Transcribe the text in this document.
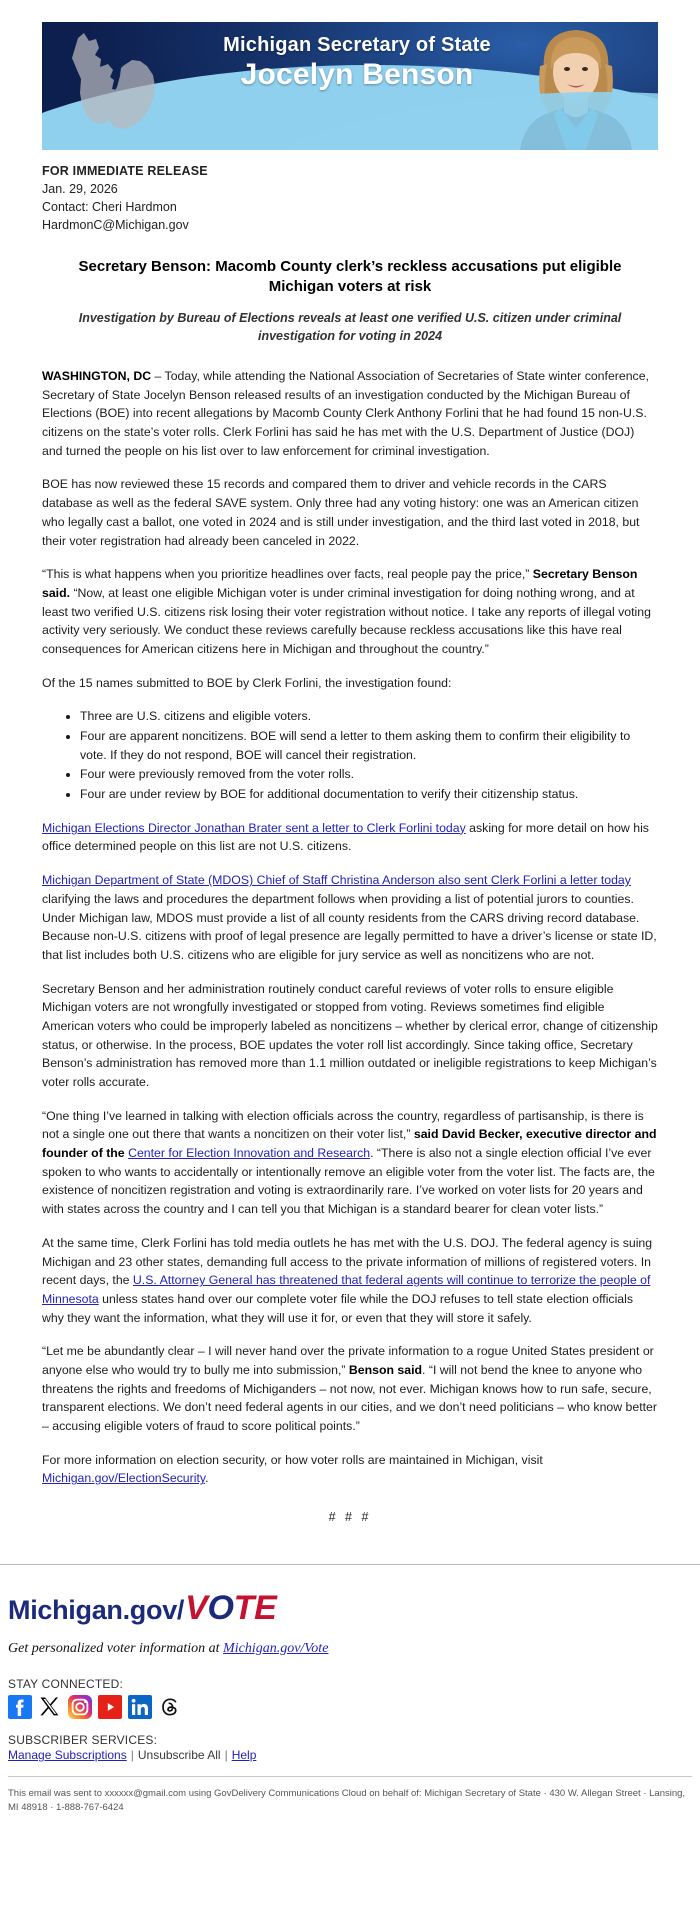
Michigan Secretary of State
Jocelyn Benson
FOR IMMEDIATE RELEASE
Jan. 29, 2026
Contact: Cheri Hardmon
HardmonC@Michigan.gov
Secretary Benson: Macomb County clerk’s reckless accusations put eligible Michigan voters at risk
Investigation by Bureau of Elections reveals at least one verified U.S. citizen under criminal investigation for voting in 2024

WASHINGTON, DC – Today, while attending the National Association of Secretaries of State winter conference, Secretary of State Jocelyn Benson released results of an investigation conducted by the Michigan Bureau of Elections (BOE) into recent allegations by Macomb County Clerk Anthony Forlini that he had found 15 non-U.S. citizens on the state’s voter rolls. Clerk Forlini has said he has met with the U.S. Department of Justice (DOJ) and turned the people on his list over to law enforcement for criminal investigation.

BOE has now reviewed these 15 records and compared them to driver and vehicle records in the CARS database as well as the federal SAVE system. Only three had any voting history: one was an American citizen who legally cast a ballot, one voted in 2024 and is still under investigation, and the third last voted in 2018, but their voter registration had already been canceled in 2022.

“This is what happens when you prioritize headlines over facts, real people pay the price,” Secretary Benson said. “Now, at least one eligible Michigan voter is under criminal investigation for doing nothing wrong, and at least two verified U.S. citizens risk losing their voter registration without notice. I take any reports of illegal voting activity very seriously. We conduct these reviews carefully because reckless accusations like this have real consequences for American citizens here in Michigan and throughout the country.”

Of the 15 names submitted to BOE by Clerk Forlini, the investigation found:

• Three are U.S. citizens and eligible voters.
• Four are apparent noncitizens. BOE will send a letter to them asking them to confirm their eligibility to vote. If they do not respond, BOE will cancel their registration.
• Four were previously removed from the voter rolls.
• Four are under review by BOE for additional documentation to verify their citizenship status.

Michigan Elections Director Jonathan Brater sent a letter to Clerk Forlini today asking for more detail on how his office determined people on this list are not U.S. citizens.

Michigan Department of State (MDOS) Chief of Staff Christina Anderson also sent Clerk Forlini a letter today clarifying the laws and procedures the department follows when providing a list of potential jurors to counties. Under Michigan law, MDOS must provide a list of all county residents from the CARS driving record database. Because non-U.S. citizens with proof of legal presence are legally permitted to have a driver’s license or state ID, that list includes both U.S. citizens who are eligible for jury service as well as noncitizens who are not.

Secretary Benson and her administration routinely conduct careful reviews of voter rolls to ensure eligible Michigan voters are not wrongfully investigated or stopped from voting. Reviews sometimes find eligible American voters who could be improperly labeled as noncitizens – whether by clerical error, change of citizenship status, or otherwise. In the process, BOE updates the voter roll list accordingly. Since taking office, Secretary Benson’s administration has removed more than 1.1 million outdated or ineligible registrations to keep Michigan’s voter rolls accurate.

“One thing I’ve learned in talking with election officials across the country, regardless of partisanship, is there is not a single one out there that wants a noncitizen on their voter list,” said David Becker, executive director and founder of the Center for Election Innovation and Research. “There is also not a single election official I’ve ever spoken to who wants to accidentally or intentionally remove an eligible voter from the voter list. The facts are, the existence of noncitizen registration and voting is extraordinarily rare. I’ve worked on voter lists for 20 years and with states across the country and I can tell you that Michigan is a standard bearer for clean voter lists.”

At the same time, Clerk Forlini has told media outlets he has met with the U.S. DOJ. The federal agency is suing Michigan and 23 other states, demanding full access to the private information of millions of registered voters. In recent days, the U.S. Attorney General has threatened that federal agents will continue to terrorize the people of Minnesota unless states hand over our complete voter file while the DOJ refuses to tell state election officials why they want the information, what they will use it for, or even that they will store it safely.

“Let me be abundantly clear – I will never hand over the private information to a rogue United States president or anyone else who would try to bully me into submission,” Benson said. “I will not bend the knee to anyone who threatens the rights and freedoms of Michiganders – not now, not ever. Michigan knows how to run safe, secure, transparent elections. We don’t need federal agents in our cities, and we don’t need politicians – who know better – accusing eligible voters of fraud to score political points.”

For more information on election security, or how voter rolls are maintained in Michigan, visit Michigan.gov/ElectionSecurity.

# # #
Michigan.gov/ V O TE
Get personalized voter information at Michigan.gov/Vote
STAY CONNECTED:
SUBSCRIBER SERVICES:
Manage Subscriptions | Unsubscribe All | Help
This email was sent to xxxxxx@gmail.com using GovDelivery Communications Cloud on behalf of: Michigan Secretary of State · 430 W. Allegan Street · Lansing, MI 48918 · 1-888-767-6424
